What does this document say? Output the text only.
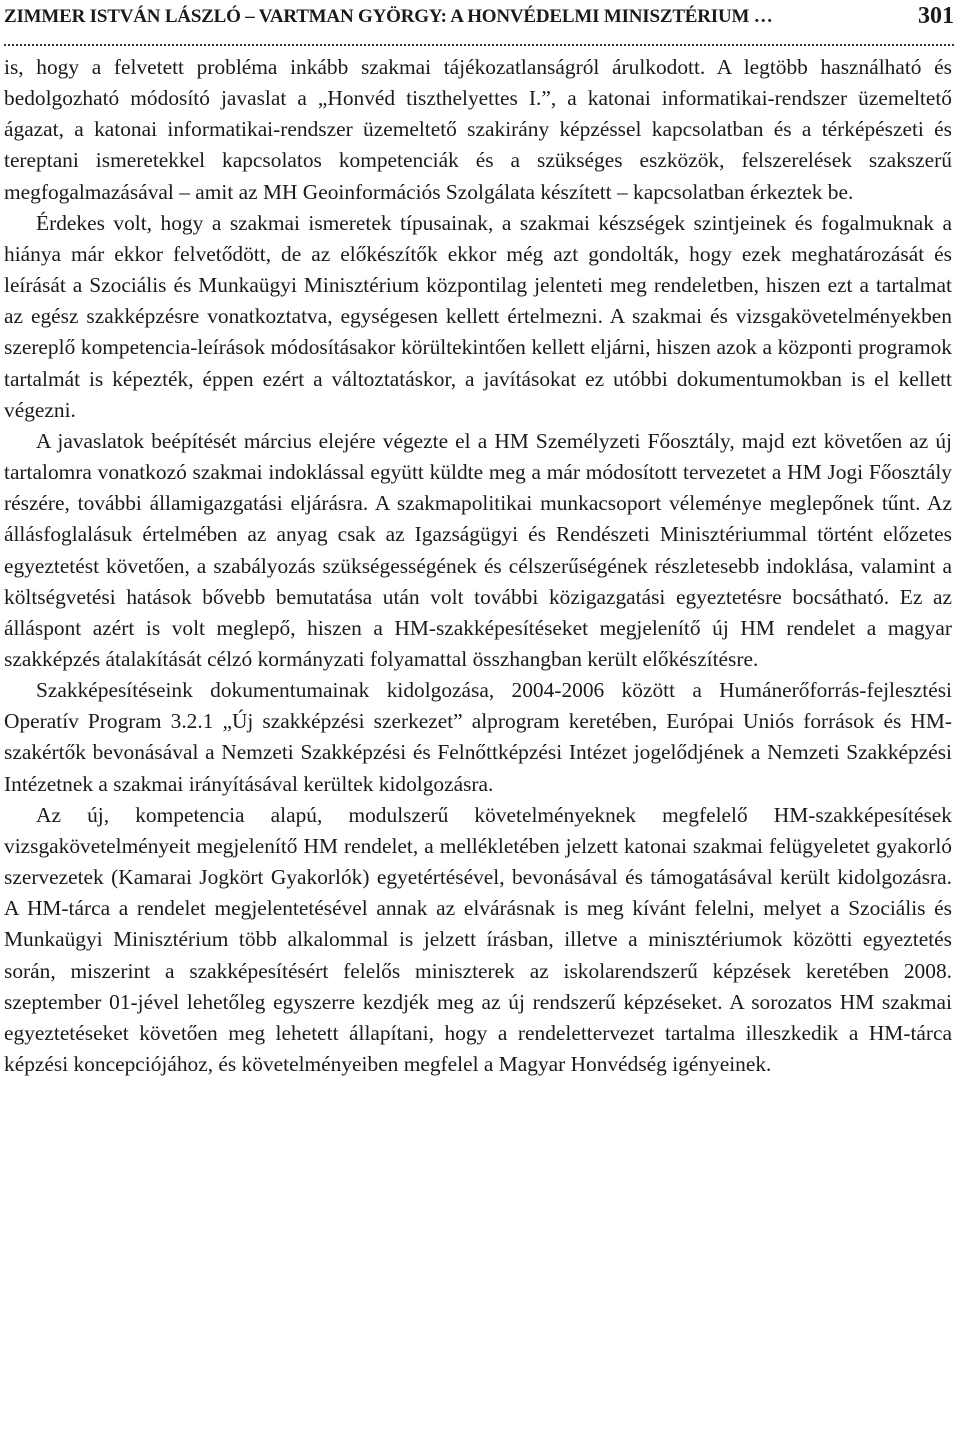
ZIMMER ISTVÁN LÁSZLÓ – VARTMAN GYÖRGY: A HONVÉDELMI MINISZTÉRIUM …	301

is, hogy a felvetett probléma inkább szakmai tájékozatlanságról árulkodott. A legtöbb használható és bedolgozható módosító javaslat a „Honvéd tiszthelyettes I.”, a katonai informatikai-rendszer üzemeltető ágazat, a katonai informatikai-rendszer üzemeltető szakirány képzéssel kapcsolatban és a térképészeti és tereptani ismeretekkel kapcsolatos kompetenciák és a szükséges eszközök, felszerelések szakszerű megfogalmazásával – amit az MH Geoinformációs Szolgálata készített – kapcsolatban érkeztek be.

Érdekes volt, hogy a szakmai ismeretek típusainak, a szakmai készségek szintjeinek és fogalmuknak a hiánya már ekkor felvetődött, de az előkészítők ekkor még azt gondolták, hogy ezek meghatározását és leírását a Szociális és Munkaügyi Minisztérium központilag jelenteti meg rendeletben, hiszen ezt a tartalmat az egész szakképzésre vonatkoztatva, egységesen kellett értelmezni. A szakmai és vizsgakövetelményekben szereplő kompetencia-leírások módosításakor körültekintően kellett eljárni, hiszen azok a központi programok tartalmát is képezték, éppen ezért a változtatáskor, a javításokat ez utóbbi dokumentumokban is el kellett végezni.

A javaslatok beépítését március elejére végezte el a HM Személyzeti Főosztály, majd ezt követően az új tartalomra vonatkozó szakmai indoklással együtt küldte meg a már módosított tervezetet a HM Jogi Főosztály részére, további államigazgatási eljárásra. A szakmapolitikai munkacsoport véleménye meglepőnek tűnt. Az állásfoglalásuk értelmében az anyag csak az Igazságügyi és Rendészeti Minisztériummal történt előzetes egyeztetést követően, a szabályozás szükségességének és célszerűségének részletesebb indoklása, valamint a költségvetési hatások bővebb bemutatása után volt további közigazgatási egyeztetésre bocsátható. Ez az álláspont azért is volt meglepő, hiszen a HM-szakképesítéseket megjelenítő új HM rendelet a magyar szakképzés átalakítását célzó kormányzati folyamattal összhangban került előkészítésre.

Szakképesítéseink dokumentumainak kidolgozása, 2004-2006 között a Humánerőforrás-fejlesztési Operatív Program 3.2.1 „Új szakképzési szerkezet” alprogram keretében, Európai Uniós források és HM-szakértők bevonásával a Nemzeti Szakképzési és Felnőttképzési Intézet jogelődjének a Nemzeti Szakképzési Intézetnek a szakmai irányításával kerültek kidolgozásra.

Az új, kompetencia alapú, modulszerű követelményeknek megfelelő HM-szakképesítések vizsgakövetelményeit megjelenítő HM rendelet, a mellékletében jelzett katonai szakmai felügyeletet gyakorló szervezetek (Kamarai Jogkört Gyakorlók) egyetértésével, bevonásával és támogatásával került kidolgozásra. A HM-tárca a rendelet megjelentetésével annak az elvárásnak is meg kívánt felelni, melyet a Szociális és Munkaügyi Minisztérium több alkalommal is jelzett írásban, illetve a minisztériumok közötti egyeztetés során, miszerint a szakképesítésért felelős miniszterek az iskolarendszerű képzések keretében 2008. szeptember 01-jével lehetőleg egyszerre kezdjék meg az új rendszerű képzéseket. A sorozatos HM szakmai egyeztetéseket követően meg lehetett állapítani, hogy a rendelettervezet tartalma illeszkedik a HM-tárca képzési koncepciójához, és követelményeiben megfelel a Magyar Honvédség igényeinek.
